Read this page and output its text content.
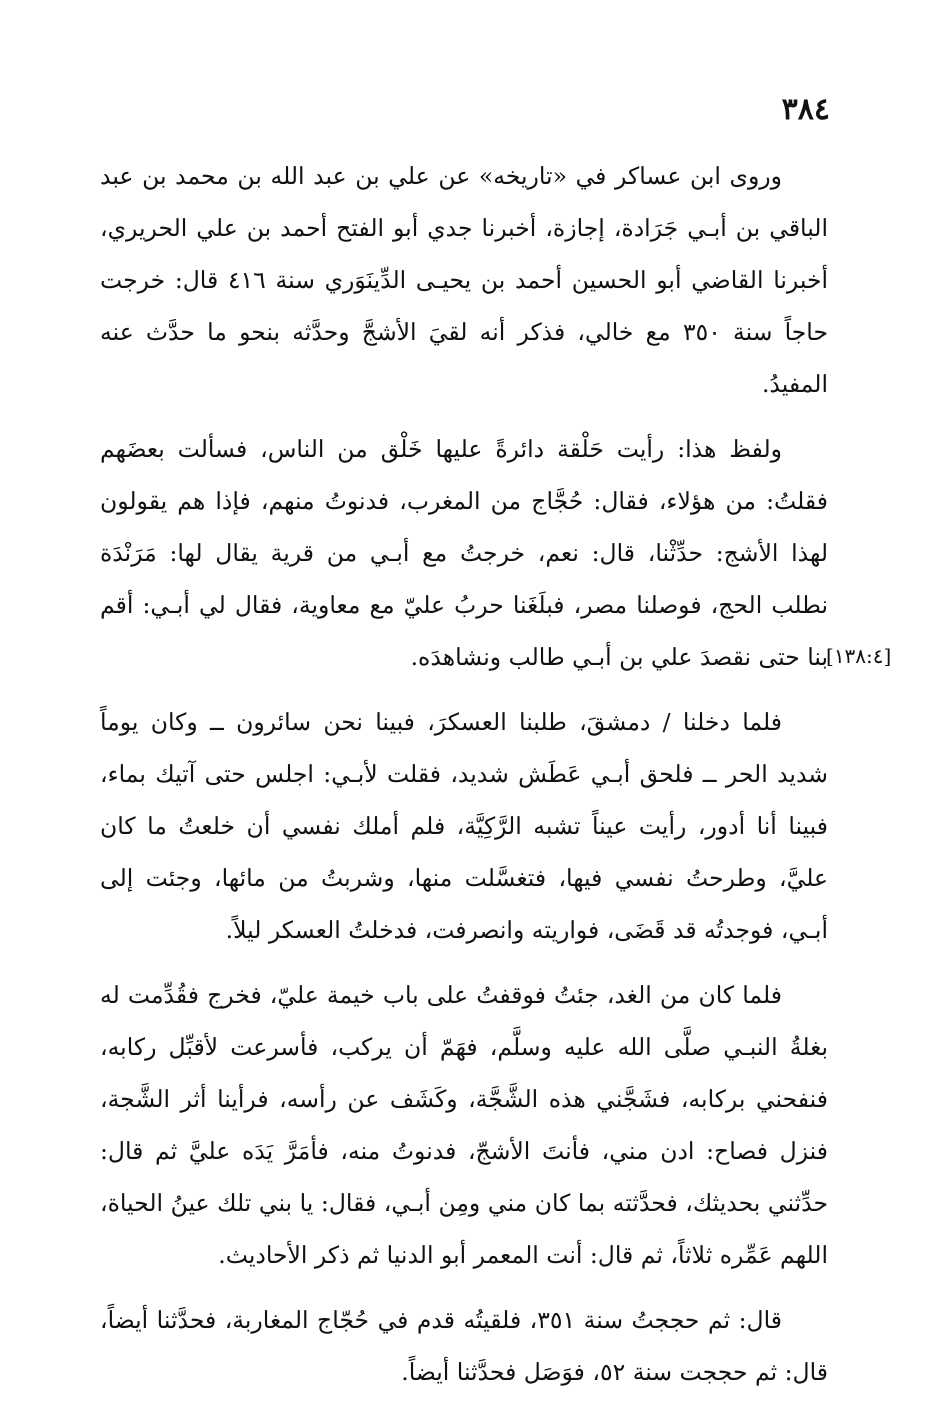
٣٨٤
[١٣٨:٤]

وروى ابن عساكر في «تاريخه» عن علي بن عبد الله بن محمد بن عبد الباقي بن أبـي جَرَادة، إجازة، أخبرنا جدي أبو الفتح أحمد بن علي الحريري، أخبرنا القاضي أبو الحسين أحمد بن يحيـى الدِّينَوَري سنة ٤١٦ قال: خرجت حاجاً سنة ٣٥٠ مع خالي، فذكر أنه لقيَ الأشجَّ وحدَّثه بنحو ما حدَّث عنه المفيدُ.

ولفظ هذا: رأيت حَلْقة دائرةً عليها خَلْق من الناس، فسألت بعضَهم فقلتُ: من هؤلاء، فقال: حُجَّاج من المغرب، فدنوتُ منهم، فإذا هم يقولون لهذا الأشج: حدِّثْنا، قال: نعم، خرجتُ مع أبـي من قرية يقال لها: مَرَنْدَة نطلب الحج، فوصلنا مصر، فبلَغَنا حربُ عليّ مع معاوية، فقال لي أبـي: أقم بنا حتى نقصدَ علي بن أبـي طالب ونشاهدَه.

فلما دخلنا / دمشقَ، طلبنا العسكرَ، فبينا نحن سائرون ــ وكان يوماً شديد الحر ــ فلحق أبـي عَطَش شديد، فقلت لأبـي: اجلس حتى آتيك بماء، فبينا أنا أدور، رأيت عيناً تشبه الرَّكِيَّة، فلم أملك نفسي أن خلعتُ ما كان عليَّ، وطرحتُ نفسي فيها، فتغسَّلت منها، وشربتُ من مائها، وجئت إلى أبـي، فوجدتُه قد قَضَى، فواريته وانصرفت، فدخلتُ العسكر ليلاً.

فلما كان من الغد، جئتُ فوقفتُ على باب خيمة عليّ، فخرج فقُدِّمت له بغلةُ النبـي صلَّى الله عليه وسلَّم، فهَمّ أن يركب، فأسرعت لأقبِّل ركابه، فنفحني بركابه، فشَجَّني هذه الشَّجَّة، وكَشَف عن رأسه، فرأينا أثر الشَّجة، فنزل فصاح: ادن مني، فأنتَ الأشجّ، فدنوتُ منه، فأمَرَّ يَدَه عليَّ ثم قال: حدِّثني بحديثك، فحدَّثته بما كان مني ومِن أبـي، فقال: يا بني تلك عينُ الحياة، اللهم عَمِّره ثلاثاً، ثم قال: أنت المعمر أبو الدنيا ثم ذكر الأحاديث.

قال: ثم حججتُ سنة ٣٥١، فلقيتُه قدم في حُجّاج المغاربة، فحدَّثنا أيضاً، قال: ثم حججت سنة ٥٢، فوَصَل فحدَّثنا أيضاً.
